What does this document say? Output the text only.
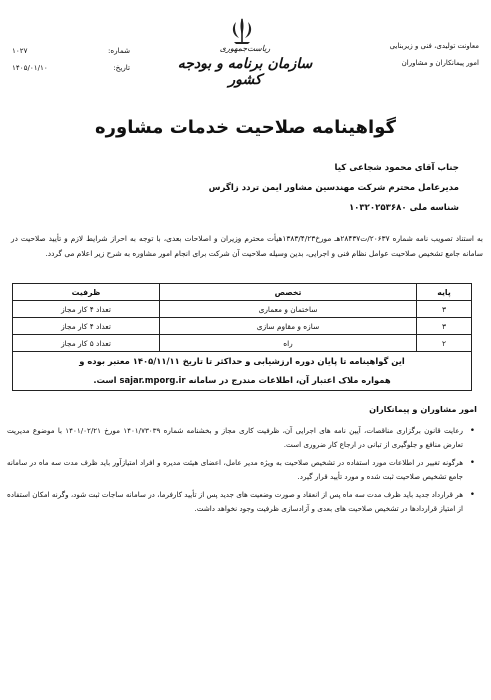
معاونت تولیدی، فنی و زیربنایی
امور پیمانکاران و مشاوران
ریاست‌جمهوری
سازمان برنامه و بودجه کشور
شماره:
۱۰۲۷
تاریخ:
۱۴۰۵/۰۱/۱۰
گواهینامه صلاحیت خدمات مشاوره
جناب آقای محمود شجاعی کیا
مدیرعامل محترم شرکت مهندسین مشاور ایمن تردد زاگرس
شناسه ملی ۱۰۳۲۰۲۵۳۶۸۰
به استناد تصویب نامه شماره ۲۰۶۳۷/ت۲۸۴۳۷هـ مورخ۱۳۸۳/۴/۲۳هیأت محترم وزیران و اصلاحات بعدی، با توجه به احراز شرایط لازم و تأیید صلاحیت در سامانه جامع تشخیص صلاحیت عوامل نظام فنی و اجرایی، بدین وسیله صلاحیت آن شرکت برای انجام امور مشاوره به شرح زیر اعلام می گردد.
پایه	تخصص	ظرفیت
۳	ساختمان و معماری	تعداد ۴ کار مجاز
۳	سازه و مقاوم سازی	تعداد ۴ کار مجاز
۲	راه	تعداد ۵ کار مجاز

این گواهینامه تا پایان دوره ارزشیابی و حداکثر تا تاریخ ۱۴۰۵/۱۱/۱۱ معتبر بوده و
همواره ملاک اعتبار آن، اطلاعات مندرج در سامانه sajar.mporg.ir است.		
امور مشاوران و پیمانکاران
• رعایت قانون برگزاری مناقصات، آیین نامه های اجرایی آن، ظرفیت کاری مجاز و بخشنامه شماره ۱۴۰۱/۷۳۰۳۹ مورخ ۱۴۰۱/۰۲/۲۱ با موضوع مدیریت تعارض منافع و جلوگیری از تبانی در ارجاع کار ضروری است.
• هرگونه تغییر در اطلاعات مورد استفاده در تشخیص صلاحیت به ویژه مدیر عامل، اعضای هیئت مدیره و افراد امتیازآور باید ظرف مدت سه ماه در سامانه جامع تشخیص صلاحیت ثبت شده و مورد تأیید قرار گیرد.
• هر قرارداد جدید باید ظرف مدت سه ماه پس از انعقاد و صورت وضعیت های جدید پس از تأیید کارفرما، در سامانه ساجات ثبت شود، وگرنه امکان استفاده از امتیاز قراردادها در تشخیص صلاحیت های بعدی و آزادسازی ظرفیت وجود نخواهد داشت.
